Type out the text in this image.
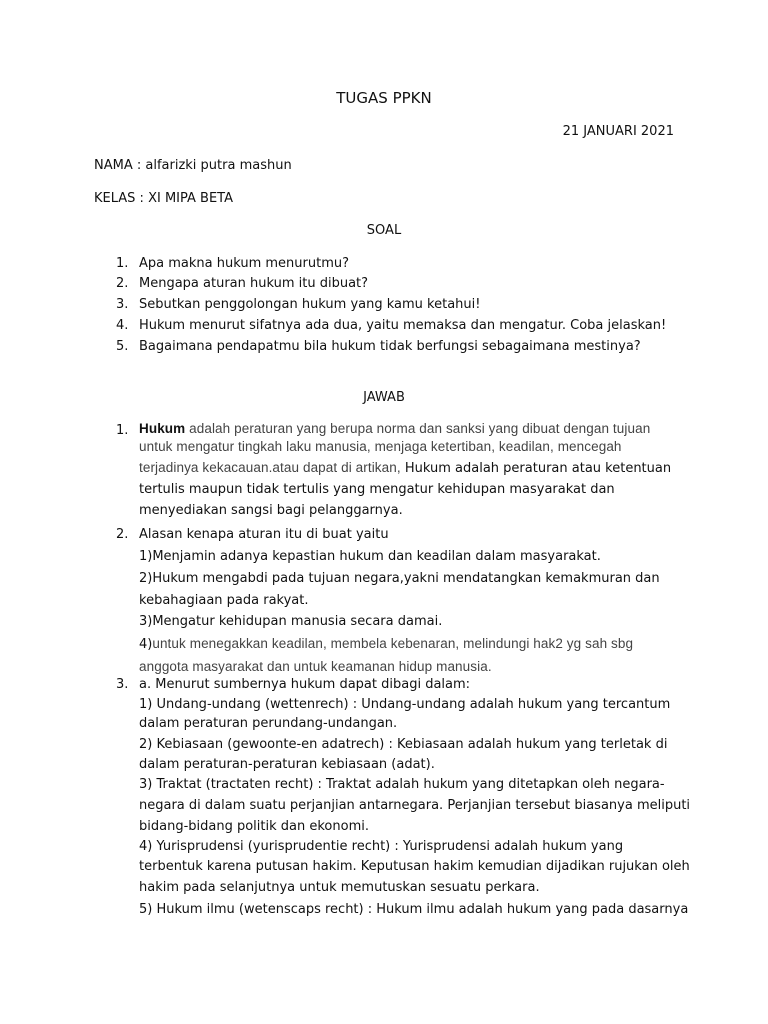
TUGAS PPKN

21 JANUARI 2021

NAMA : alfarizki putra mashun

KELAS : XI MIPA BETA

SOAL

1. Apa makna hukum menurutmu?

2. Mengapa aturan hukum itu dibuat?

3. Sebutkan penggolongan hukum yang kamu ketahui!

4. Hukum menurut sifatnya ada dua, yaitu memaksa dan mengatur. Coba jelaskan!

5. Bagaimana pendapatmu bila hukum tidak berfungsi sebagaimana mestinya?

JAWAB

1. Hukum adalah peraturan yang berupa norma dan sanksi yang dibuat dengan tujuan

untuk mengatur tingkah laku manusia, menjaga ketertiban, keadilan, mencegah

terjadinya kekacauan.atau dapat di artikan, Hukum adalah peraturan atau ketentuan

tertulis maupun tidak tertulis yang mengatur kehidupan masyarakat dan

menyediakan sangsi bagi pelanggarnya.

2. Alasan kenapa aturan itu di buat yaitu

1)Menjamin adanya kepastian hukum dan keadilan dalam masyarakat.

2)Hukum mengabdi pada tujuan negara,yakni mendatangkan kemakmuran dan

kebahagiaan pada rakyat.

3)Mengatur kehidupan manusia secara damai.

4)untuk menegakkan keadilan, membela kebenaran, melindungi hak2 yg sah sbg

anggota masyarakat dan untuk keamanan hidup manusia.

3. a. Menurut sumbernya hukum dapat dibagi dalam:

1) Undang-undang (wettenrech) : Undang-undang adalah hukum yang tercantum

dalam peraturan perundang-undangan.

2) Kebiasaan (gewoonte-en adatrech) : Kebiasaan adalah hukum yang terletak di

dalam peraturan-peraturan kebiasaan (adat).

3) Traktat (tractaten recht) : Traktat adalah hukum yang ditetapkan oleh negara-

negara di dalam suatu perjanjian antarnegara. Perjanjian tersebut biasanya meliputi

bidang-bidang politik dan ekonomi.

4) Yurisprudensi (yurisprudentie recht) : Yurisprudensi adalah hukum yang

terbentuk karena putusan hakim. Keputusan hakim kemudian dijadikan rujukan oleh

hakim pada selanjutnya untuk memutuskan sesuatu perkara.

5) Hukum ilmu (wetenscaps recht) : Hukum ilmu adalah hukum yang pada dasarnya
